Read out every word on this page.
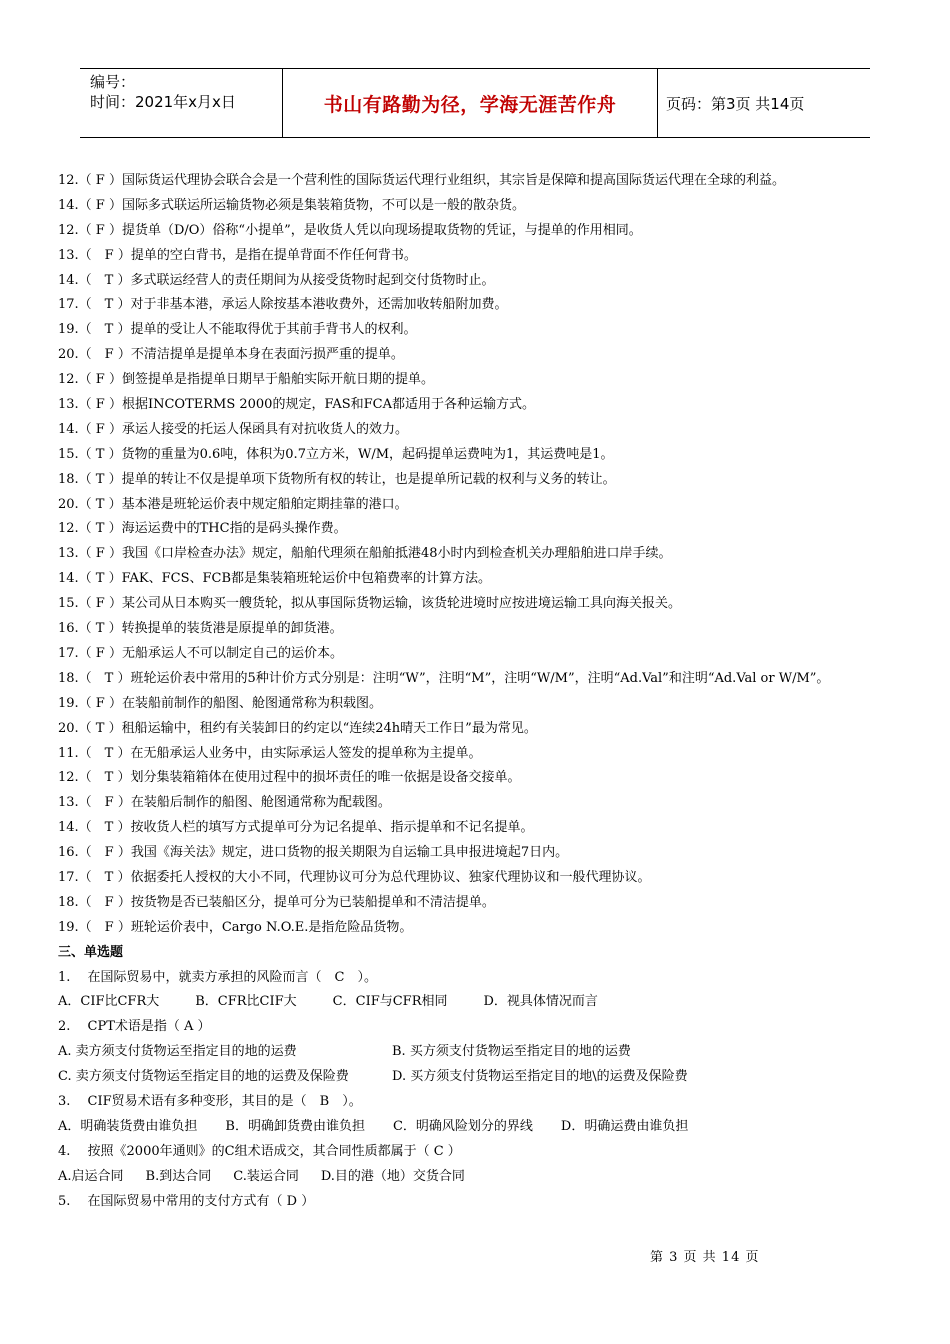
编号：
时间：2021年x月x日	书山有路勤为径，学海无涯苦作舟	页码：第3页 共14页
12.（ F ）国际货运代理协会联合会是一个营利性的国际货运代理行业组织，其宗旨是保障和提高国际货运代理在全球的利益。
14.（ F ）国际多式联运所运输货物必须是集装箱货物，不可以是一般的散杂货。
12.（ F ）提货单（D/O）俗称“小提单”，是收货人凭以向现场提取货物的凭证，与提单的作用相同。
13.（　F ）提单的空白背书，是指在提单背面不作任何背书。
14.（　T ）多式联运经营人的责任期间为从接受货物时起到交付货物时止。
17.（　T ）对于非基本港，承运人除按基本港收费外，还需加收转船附加费。
19.（　T ）提单的受让人不能取得优于其前手背书人的权利。
20.（　F ）不清洁提单是提单本身在表面污损严重的提单。
12.（ F ）倒签提单是指提单日期早于船舶实际开航日期的提单。
13.（ F ）根据INCOTERMS 2000的规定，FAS和FCA都适用于各种运输方式。
14.（ F ）承运人接受的托运人保函具有对抗收货人的效力。
15.（ T ）货物的重量为0.6吨，体积为0.7立方米，W/M，起码提单运费吨为1，其运费吨是1。
18.（ T ）提单的转让不仅是提单项下货物所有权的转让，也是提单所记载的权利与义务的转让。
20.（ T ）基本港是班轮运价表中规定船舶定期挂靠的港口。
12.（ T ）海运运费中的THC指的是码头操作费。
13.（ F ）我国《口岸检查办法》规定，船舶代理须在船舶抵港48小时内到检查机关办理船舶进口岸手续。
14.（ T ）FAK、FCS、FCB都是集装箱班轮运价中包箱费率的计算方法。
15.（ F ）某公司从日本购买一艘货轮，拟从事国际货物运输，该货轮进境时应按进境运输工具向海关报关。
16.（ T ）转换提单的装货港是原提单的卸货港。
17.（ F ）无船承运人不可以制定自己的运价本。
18.（　T ）班轮运价表中常用的5种计价方式分别是：注明“W”，注明“M”，注明“W/M”，注明“Ad.Val”和注明“Ad.Val or W/M”。
19.（ F ）在装船前制作的船图、舱图通常称为积载图。
20.（ T ）租船运输中，租约有关装卸日的约定以“连续24h晴天工作日”最为常见。
11.（　T ）在无船承运人业务中，由实际承运人签发的提单称为主提单。
12.（　T ）划分集装箱箱体在使用过程中的损坏责任的唯一依据是设备交接单。
13.（　F ）在装船后制作的船图、舱图通常称为配载图。
14.（　T ）按收货人栏的填写方式提单可分为记名提单、指示提单和不记名提单。
16.（　F ）我国《海关法》规定，进口货物的报关期限为自运输工具申报进境起7日内。
17.（　T ）依据委托人授权的大小不同，代理协议可分为总代理协议、独家代理协议和一般代理协议。
18.（　F ）按货物是否已装船区分，提单可分为已装船提单和不清洁提单。
19.（　F ）班轮运价表中，Cargo N.O.E.是指危险品货物。
三、单选题
1.　 在国际贸易中，就卖方承担的风险而言（　C　）。
A．CIF比CFR大	B．CFR比CIF大	C．CIF与CFR相同	D．视具体情况而言
2.　 CPT术语是指（ A ）
A. 卖方须支付货物运至指定目的地的运费	B. 买方须支付货物运至指定目的地的运费
C. 卖方须支付货物运至指定目的地的运费及保险费	D. 买方须支付货物运至指定目的地\的运费及保险费
3.　 CIF贸易术语有多种变形，其目的是（　B　）。
A．明确装货费由谁负担 B．明确卸货费由谁负担 C．明确风险划分的界线 D．明确运费由谁负担
4.　 按照《2000年通则》的C组术语成交，其合同性质都属于（ C ）
A.启运合同 B.到达合同 C.装运合同 D.目的港（地）交货合同
5.　 在国际贸易中常用的支付方式有（ D ）
第 3 页 共 14 页
